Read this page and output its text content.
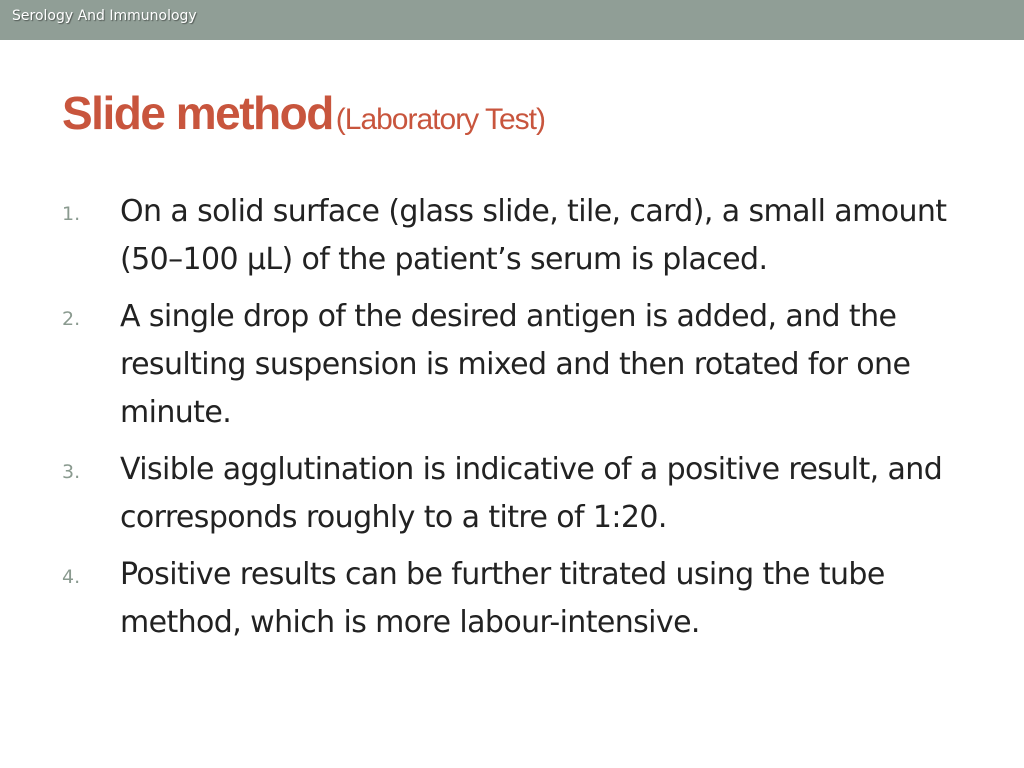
Serology And Immunology
Slide method (Laboratory Test)
1. On a solid surface (glass slide, tile, card), a small amount (50–100 µL) of the patient’s serum is placed.
2. A single drop of the desired antigen is added, and the resulting suspension is mixed and then rotated for one minute.
3. Visible agglutination is indicative of a positive result, and corresponds roughly to a titre of 1:20.
4. Positive results can be further titrated using the tube method, which is more labour-intensive.
